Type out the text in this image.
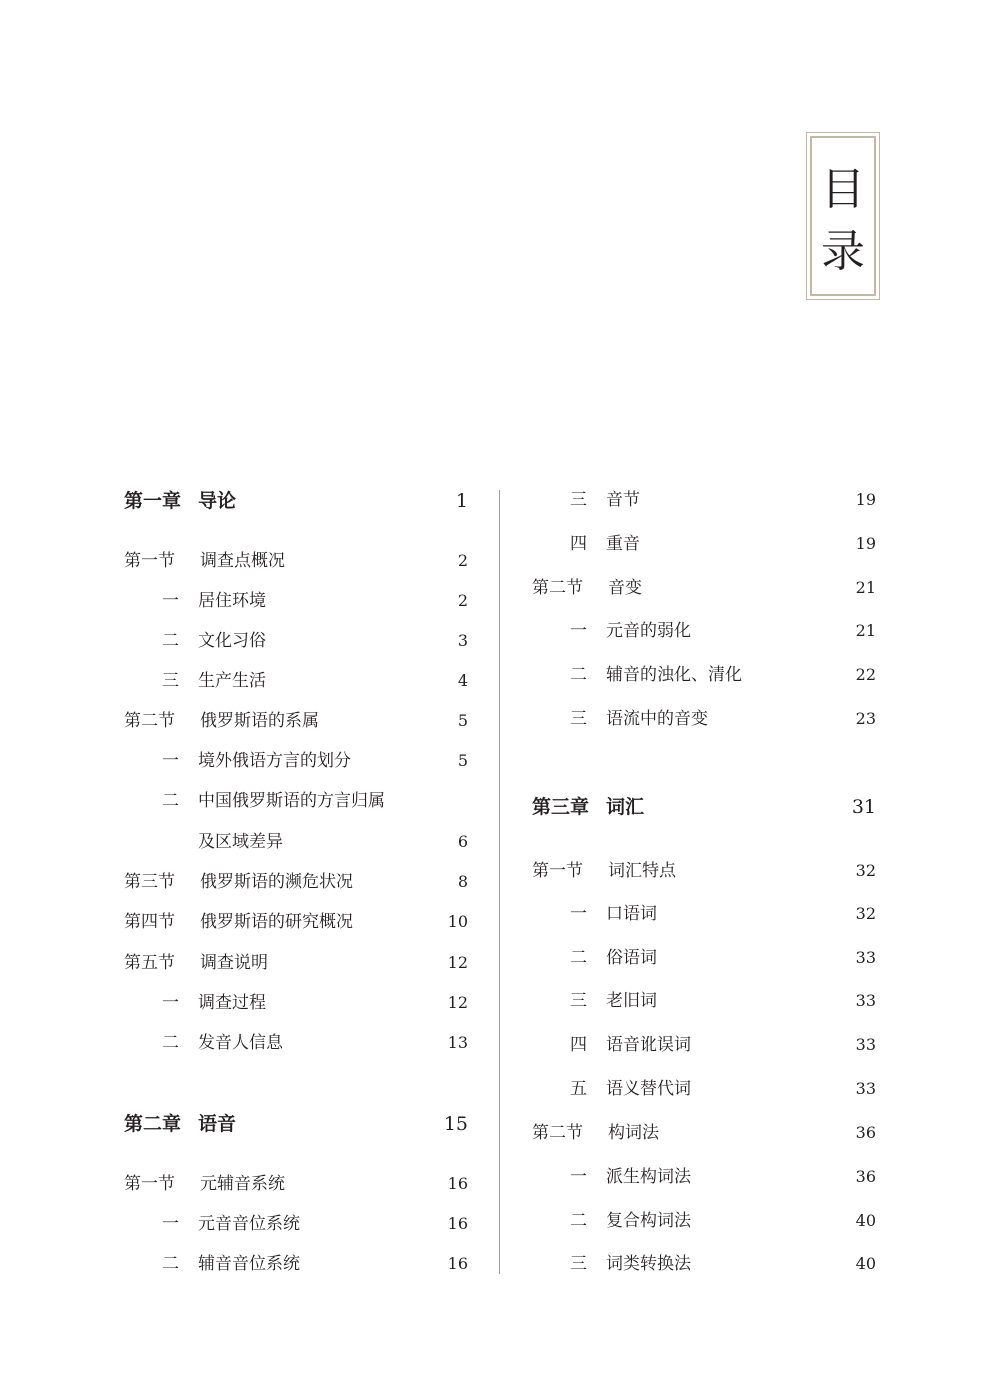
目
录
第一章 导论	1
第一节 调查点概况	2
一 居住环境	2
二 文化习俗	3
三 生产生活	4
第二节 俄罗斯语的系属	5
一 境外俄语方言的划分	5
二 中国俄罗斯语的方言归属
及区域差异	6
第三节 俄罗斯语的濒危状况	8
第四节 俄罗斯语的研究概况	10
第五节 调查说明	12
一 调查过程	12
二 发音人信息	13
第二章 语音	15
第一节 元辅音系统	16
一 元音音位系统	16
二 辅音音位系统	16
三 音节	19
四 重音	19
第二节 音变	21
一 元音的弱化	21
二 辅音的浊化、清化	22
三 语流中的音变	23
第三章 词汇	31
第一节 词汇特点	32
一 口语词	32
二 俗语词	33
三 老旧词	33
四 语音讹误词	33
五 语义替代词	33
第二节 构词法	36
一 派生构词法	36
二 复合构词法	40
三 词类转换法	40
